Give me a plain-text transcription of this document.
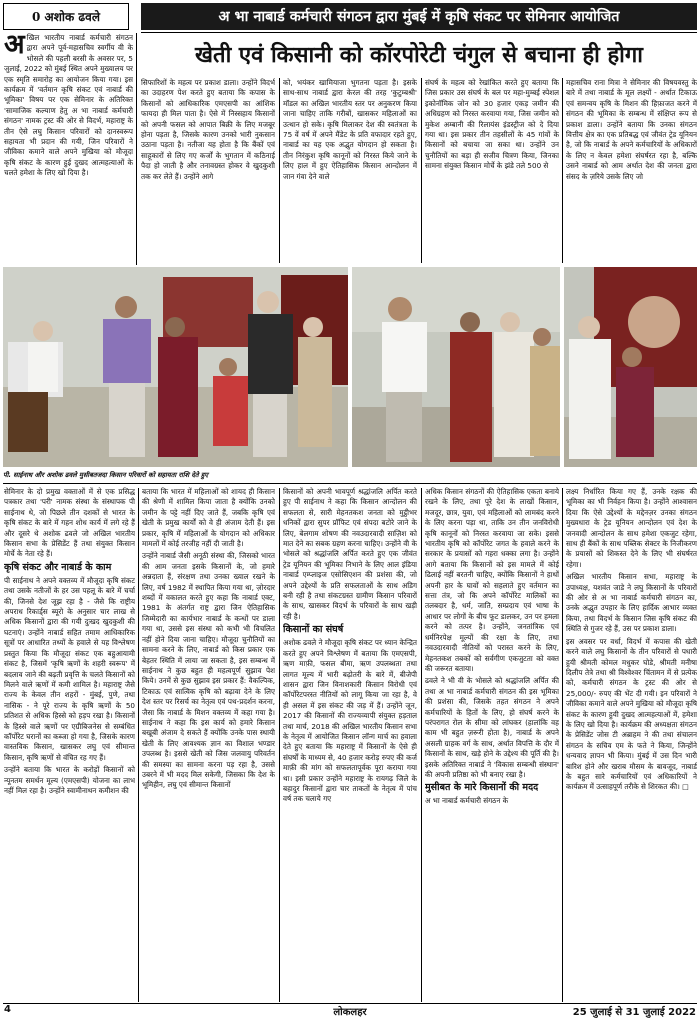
0 अशोक ढवले	अ भा नाबार्ड कर्मचारी संगठन द्वारा मुंबई में कृषि संकट पर सेमिनार आयोजित
खेती एवं किसानी को कॉरपोरेटी चंगुल से बचाना ही होगा

अखिल भारतीय नाबार्ड कर्मचारी संगठन द्वारा अपने पूर्व-महासचिव स्वर्गीय वी के भोसले की पहली बरसी के अवसर पर, 5 जुलाई, 2022 को मुंबई स्थित अपने मुख्यालय पर एक स्मृति समारोह का आयोजन किया गया। इस कार्यक्रम में 'वर्तमान कृषि संकट एवं नाबार्ड की भूमिका' विषय पर एक सेमिनार के अतिरिक्त 'सामाजिक कल्याण हेतु अ भा नाबार्ड कर्मचारी संगठन' नामक ट्रस्ट की ओर से विदर्भ, महाराष्ट्र के तीन ऐसे लघु किसान परिवारों को दानस्वरूप सहायता भी प्रदान की गयी, जिन परिवारों ने जीविका कमाने वाले अपने मुखिया को मौजूदा कृषि संकट के कारण हुई दुखद आत्महत्याओं के चलते हमेशा के लिए खो दिया है।

सिफारिशों के महत्व पर प्रकाश डाला। उन्होंने विदर्भ का उदाहरण पेश करते हुए बताया कि कपास के किसानों को आधिकारिक एमएसपी का आंशिक फायदा ही मिल पाता है। ऐसे में निस्सहाय किसानों को अपनी फसल को आपात बिक्री के लिए मजबूर होना पड़ता है, जिसके कारण उनको भारी नुकसान उठाना पड़ता है। नतीजा यह होता है कि बैंकों एवं साहूकारों से लिए गए कर्जों के भुगतान में कठिनाई पैदा हो जाती है और तनावग्रस्त होकर वे खुदकुशी तक कर लेते हैं। उन्होंने आगे

को, भयंकर खामियाजा भुगतना पड़ता है। इसके साथ-साथ नाबार्ड द्वारा केरल की तरह 'कुटुम्बश्री' मॉडल का अखिल भारतीय स्तर पर अनुकरण किया जाना चाहिए ताकि गरीबों, खासकर महिलाओं का उत्थान हो सके। कृषि मिलाकर देश की स्वतंत्रता के 75 वें वर्ष में अपने मैंडेट के प्रति वफादार रहते हुए, नाबार्ड का यह एक अद्भुत योगदान हो सकता है। तीन निरंकुश कृषि कानूनों को निरस्त किये जाने के लिए हाल में हुए ऐतिहासिक किसान आन्दोलन में जान गंवा देने वाले

संघर्ष के महत्व को रेखांकित करते हुए बताया कि जिस प्रकार उस संघर्ष के बल पर महा-मुम्बई स्पेशल इकोनॉमिक जोन को 30 हजार एकड़ जमीन की अधिग्रहण को निरस्त करवाया गया, जिस जमीन को मुकेश अम्बानी की रिलायंस इंडस्ट्रीज को दे दिया गया था। इस प्रकार तीन तहसीलों के 45 गांवों के किसानों को बचाया जा सका था। उन्होंने उन चुनौतियों का बड़ा ही सजीव चित्रण किया, जिनका सामना संयुक्त किसान मोर्चे के झंडे तले 500 से

महासचिव राना मित्रा ने सेमिनार की विषयवस्तु के बारे में तथा नाबार्ड के मूल लक्ष्यों - अर्थात टिकाऊ एवं समन्वय कृषि के मिशन की हिफ़ाजत करने में संगठन की भूमिका के सम्बन्ध में संक्षिप्त रूप से प्रकाश डाला। उन्होंने बताया कि उनका संगठन वित्तीय क्षेत्र का एक प्रतिबद्ध एवं जीवंत ट्रेड यूनियन है, जो कि नाबार्ड के अपने कर्मचारियों के अधिकारों के लिए न केवल हमेशा संघर्षरत रहा है, बल्कि उसने नाबार्ड को आम अर्थात देश की जनता द्वारा संसद के ज़रिये उसके लिए जो

पी. साईनाथ और अशोक ढवले मुसीबतजदा किसान परिवारों को सहायता राशि देते हुए

सेमिनार के दो प्रमुख वक्ताओं में से एक प्रसिद्ध पत्रकार तथा 'परी' नामक संस्था के संस्थापक पी साईनाथ थे, जो पिछले तीन दशकों से भारत के कृषि संकट के बारे में गहन शोध कार्य में लगे रहे हैं और दूसरे थे अशोक ढवले जो अखिल भारतीय किसान सभा के प्रेसिडेंट हैं तथा संयुक्त किसान मोर्चे के नेता रहे हैं।

कृषि संकट और नाबार्ड के काम

पी साईनाथ ने अपने वक्तव्य में मौजूदा कृषि संकट तथा उसके नतीजों के हर उस पहलू के बारे में चर्चा की, जिनसे देश जूझ रहा है - जैसे कि राष्ट्रीय अपराध रिकार्ड्स ब्यूरो के अनुसार चार लाख से अधिक किसानों द्वारा की गयी दुःखद खुदकुशी की घटनाएं। उन्होंने नाबार्ड सहित तमाम आधिकारिक सूत्रों पर आधारित तथ्यों के हवाले से यह विश्लेषण प्रस्तुत किया कि मौजूदा संकट एक बहुआयामी संकट है, जिसमें 'कृषि ऋणों के शहरी स्वरूप' में बदलाव जाने की बढ़ती प्रवृत्ति के चलते किसानों को मिलने वाले ऋणों में कमी शामिल है। महाराष्ट्र जैसे राज्य के केवल तीन शहरों - मुंबई, पुणे, तथा नासिक - ने पूरे राज्य के कृषि ऋणों के 50 प्रतिशत से अधिक हिस्से को हड़प रखा है। किसानों के हिस्से वाले ऋणों पर एग्रीबिजनेस से सम्बंधित कॉर्पोरेट घरानों का कब्जा हो गया है, जिसके कारण वास्तविक किसान, खासकर लघु एवं सीमान्त किसान, कृषि ऋणों से वंचित रह गए हैं।

उन्होंने बताया कि भारत के करोड़ों किसानों को न्यूनतम समर्थन मूल्य (एमएसपी) योजना का लाभ नहीं मिल रहा है। उन्होंने स्वामीनाथन कमीशन की

बताया कि भारत में महिलाओं को शायद ही किसान की श्रेणी में शामिल किया जाता है क्योंकि उनको जमीन के पट्टे नहीं दिए जाते हैं, जबकि कृषि एवं खेती के प्रमुख कार्यों को वे ही अंजाम देती हैं। इस प्रकार, कृषि में महिलाओं के योगदान को अधिकार मामलों में कोई तरजीह नहीं दी जाती है।

उन्होंने नाबार्ड जैसी अनूठी संस्था की, जिसको भारत की आम जनता इसके किसानों के, जो हमारे अन्नदाता हैं, संरक्षण तथा उनका ख्याल रखने के लिए, वर्ष 1982 में स्थापित किया गया था, ज़ोरदार शब्दों में वकालत करते हुए कहा कि नाबार्ड एक्ट, 1981 के अंतर्गत राष्ट्र द्वारा जिन ऐतिहासिक जिम्मेदारी का कार्यभार नाबार्ड के कन्धों पर डाला गया था, उससे इस संस्था को कभी भी विचलित नहीं होने दिया जाना चाहिए। मौजूदा चुनौतियों का सामना करने के लिए, नाबार्ड को किस प्रकार एक बेहतर स्थिति में लाया जा सकता है, इस सम्बन्ध में साईनाथ ने कुछ बहुत ही महत्वपूर्ण सुझाव पेश किये। उनमें से कुछ सुझाव इस प्रकार हैं: वैकल्पिक, टिकाऊ एवं सात्विक कृषि को बढ़ावा देने के लिए देश स्तर पर रिसर्च का नेतृत्व एवं पथ-प्रदर्शन करना, जैसा कि नाबार्ड के मिशन वक्तव्य में कहा गया है। साईनाथ ने कहा कि इस कार्य को हमारे किसान बखूबी अंजाम दे सकते हैं क्योंकि उनके पास स्थायी खेती के लिए आवश्यक ज्ञान का विशाल भण्डार उपलब्ध है। इससे खेती को जिस जलवायु परिवर्तन की समस्या का सामना करना पड़ रहा है, उससे उबरने में भी मदद मिल सकेगी, जिसका कि देश के भूमिहीन, लघु एवं सीमान्त किसानों

किसानों को अपनी भावपूर्ण श्रद्धांजलि अर्पित करते हुए पी साईनाथ ने कहा कि किसान आन्दोलन की सफलता से, सारी मेहनतकश जनता को मुट्ठीभर धनिकों द्वारा सुपर प्रॉफिट एवं संपदा बटोरे जाने के लिए, बेलगाम शोषण की नवउदारवादी साज़िश को मात देने का सबक ग्रहण करना चाहिए। उन्होंने वी के भोसले को श्रद्धांजलि अर्पित करते हुए एक जीवंत ट्रेड यूनियन की भूमिका निभाने के लिए आल इंडिया नाबार्ड एम्प्लाइज एसोसिएशन की प्रशंसा की, जो अपने उद्देश्यों के प्रति सफलताओं के साथ अडिग बनी रही है तथा संकटग्रस्त ग्रामीण किसान परिवारों के साथ, खासकर विदर्भ के परिवारों के साथ खड़ी रही है।

किसानों का संघर्ष

अशोक ढवले ने मौजूदा कृषि संकट पर ध्यान केन्द्रित करते हुए अपने विश्लेषण में बताया कि एमएसपी, ऋण माफ़ी, फसल बीमा, ऋण उपलब्धता तथा लागत मूल्य में भारी बढ़ोतरी के बारे में, बीजेपी शासन द्वारा जिन विनाशकारी किसान विरोधी एवं कॉर्पोरेटपरस्त नीतियों को लागू किया जा रहा है, वे ही असल में इस संकट की जड़ में हैं। उन्होंने जून, 2017 की किसानों की राज्यव्यापी संयुक्त हड़ताल तथा मार्च, 2018 की अखिल भारतीय किसान सभा के नेतृत्व में आयोजित किसान लॉन्ग मार्च का हवाला देते हुए बताया कि महाराष्ट्र में किसानों के ऐसे ही संघर्षों के माध्यम से, 40 हजार करोड़ रुपए की कर्ज माफ़ी की मांग को सफलतापूर्वक पूरा कराया गया था। इसी प्रकार उन्होंने महाराष्ट्र के रायगढ़ जिले के बहादुर किसानों द्वारा चार ताकतों के नेतृत्व में पांच वर्ष तक चलाये गए

अधिक किसान संगठनों की ऐतिहासिक एकता बनाये रखने के लिए, तथा पूरे देश के लाखों किसान, मजदूर, छात्र, युवा, एवं महिलाओं को लामबंद करने के लिए करना पड़ा था, ताकि उन तीन जनविरोधी कृषि कानूनों को निरस्त करवाया जा सके। इससे भारतीय कृषि को कॉर्पोरेट जगत के हवाले करने के सरकार के प्रयासों को गहरा धक्का लगा है। उन्होंने आगे बताया कि किसानों को इस मामले में कोई ढिलाई नहीं बरतनी चाहिए, क्योंकि किसानों ने हाथों अपनी हार के घावों को सहलाते हुए वर्तमान का सत्ता तंत्र, जो कि अपने कॉर्पोरेट मालिकों का तलबदार है, धर्म, जाति, सम्प्रदाय एवं भाषा के आधार पर लोगों के बीच फूट डालकर, उन पर हमला करने को तत्पर है। उन्होंने, जनतांत्रिक एवं धर्मनिरपेक्ष मूल्यों की रक्षा के लिए, तथा नवउदारवादी नीतियों को परास्त करने के लिए, मेहनतकश तबकों को सर्वगीण एकजुटता को वक्त की जरूरत बताया।

ढवले ने भी वी के भोसले को श्रद्धांजलि अर्पित की तथा अ भा नाबार्ड कर्मचारी संगठन की इस भूमिका की प्रशंसा की, जिसके तहत संगठन ने अपने कर्मचारियों के हितों के लिए, हो संघर्ष करने के परंपरागत रोल के सीमा को लांघकर (हालांकि वह काम भी बहुत ज़रूरी होता है), नाबार्ड के अपने असली ग्राहक वर्ग के साथ, अर्थात विपत्ति के दौर में किसानों के साथ, खड़े होने के उद्देश्य की पूर्ति की है। इसके अतिरिक्त नाबार्ड ने 'विकास सम्बन्धी संस्थान' की अपनी प्रतिष्ठा को भी बनाए रखा है।

मुसीबत के मारे किसानों की मदद

अ भा नाबार्ड कर्मचारी संगठन के

लक्ष्य निर्धारित किया गए हैं, उनके रक्षक की भूमिका का भी निर्वहन किया है। उन्होंने आश्वासन दिया कि ऐसे उद्देश्यों के मद्देनज़र उनका संगठन मुख्यधारा के ट्रेड यूनियन आन्दोलन एवं देश के जनवादी आन्दोलन के साथ हमेशा एकजुट रहेगा, साथ ही बैंकों के साथ पब्लिक सेक्टर के निजीकरण के प्रयासों को शिकस्त देने के लिए भी संघर्षरत रहेगा।

अखिल भारतीय किसान सभा, महाराष्ट्र के उपाध्यक्ष, यशवंत जाडे ने लघु किसानों के परिवारों की ओर से अ भा नाबार्ड कर्मचारी संगठन का, उनके अद्भुत उपहार के लिए हार्दिक आभार व्यक्त किया, तथा विदर्भ के किसान जिस कृषि संकट की स्थिति से गुजर रहे हैं, उस पर प्रकाश डाला।

इस अवसर पर वर्धा, विदर्भ में कपास की खेती करने वाले लघु किसानों के तीन परिवारों से पधारी हुयी श्रीमती कोमल मधुकर घोडे, श्रीमती मनीषा दिलीप तेत्रे तथा श्री विश्वेश्वर चिंतामन में से प्रत्येक को, कर्मचारी संगठन के ट्रस्ट की ओर से 25,000/- रुपए की भेंट दी गयी। इन परिवारों ने जीविका कमाने वाले अपने मुखिया को मौजूदा कृषि संकट के कारण हुयी दुखद आत्महत्याओं में, हमेशा के लिए खो दिया है। कार्यक्रम की अध्यक्षता संगठन के प्रेसिडेंट जोस टी अब्राहम ने की तथा संचालन संगठन के सचिव एम के फते ने किया, जिन्होंने धन्यवाद ज्ञापन भी किया। मुंबई में उस दिन भारी बारिश होने और खराब मौसम के बावजूद, नाबार्ड के बहुत सारे कर्मचारियों एवं अधिकारियों ने कार्यक्रम में उत्साहपूर्ण तरीके से शिरकत की। □

4	लोकलहर	25 जुलाई से 31 जुलाई 2022
